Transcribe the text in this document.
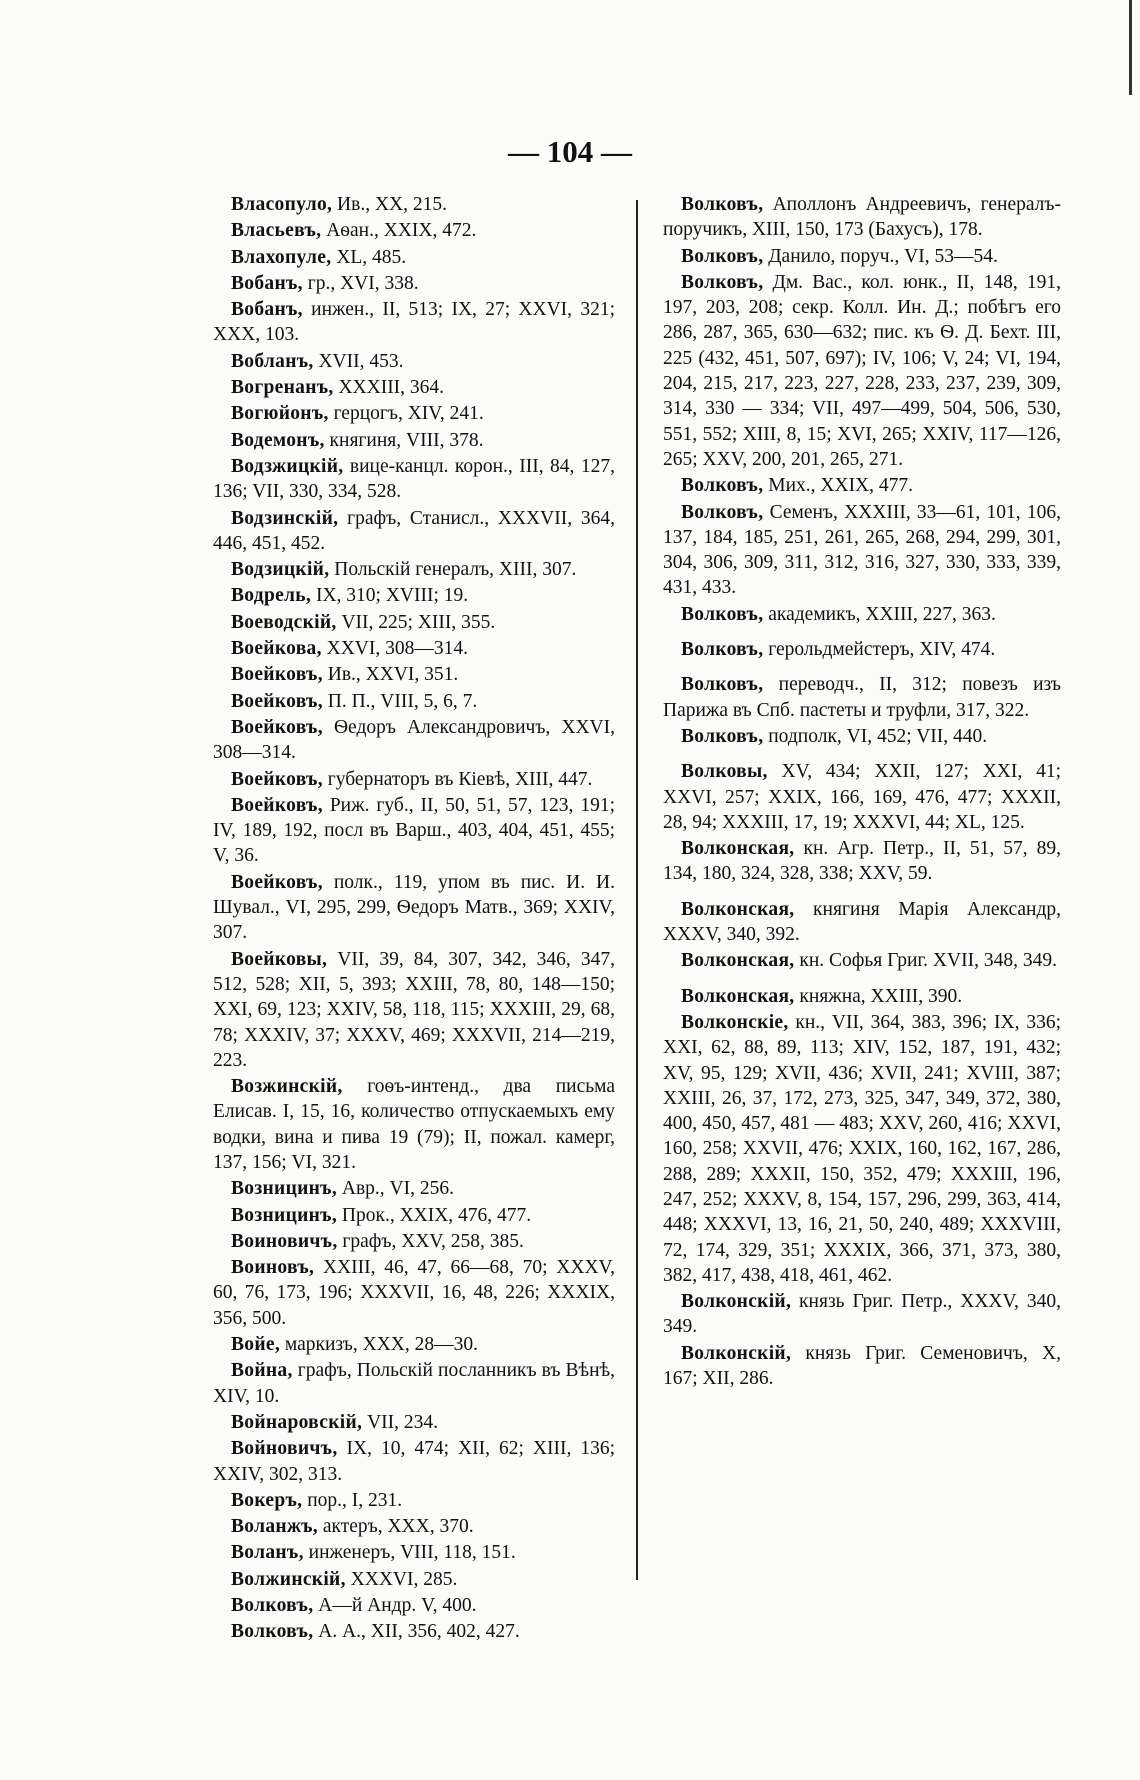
— 104 —

Власопуло, Ив., XX, 215.

Власьевъ, Аѳан., XXIX, 472.

Влахопуле, XL, 485.

Вобанъ, гр., XVI, 338.

Вобанъ, инжен., II, 513; IX, 27; XXVI, 321; XXX, 103.

Вобланъ, XVII, 453.

Вогренанъ, XXXIII, 364.

Вогюйонъ, герцогъ, XIV, 241.

Водемонъ, княгиня, VIII, 378.

Водзжицкій, вице-канцл. корон., III, 84, 127, 136; VII, 330, 334, 528.

Водзинскій, графъ, Станисл., XXXVII, 364, 446, 451, 452.

Водзицкій, Польскій генералъ, XIII, 307.

Водрель, IX, 310; XVIII; 19.

Воеводскій, VII, 225; XIII, 355.

Воейкова, XXVI, 308—314.

Воейковъ, Ив., XXVI, 351.

Воейковъ, П. П., VIII, 5, 6, 7.

Воейковъ, Ѳедоръ Александровичъ, XXVI, 308—314.

Воейковъ, губернаторъ въ Кіевѣ, XIII, 447.

Воейковъ, Риж. губ., II, 50, 51, 57, 123, 191; IV, 189, 192, посл въ Варш., 403, 404, 451, 455; V, 36.

Воейковъ, полк., 119, упом въ пис. И. И. Шувал., VI, 295, 299, Ѳедоръ Матв., 369; XXIV, 307.

Воейковы, VII, 39, 84, 307, 342, 346, 347, 512, 528; XII, 5, 393; XXIII, 78, 80, 148—150; XXI, 69, 123; XXIV, 58, 118, 115; XXXIII, 29, 68, 78; XXXIV, 37; XXXV, 469; XXXVII, 214—219, 223.

Возжинскій, гоѳъ-интенд., два письма Елисав. I, 15, 16, количество отпускаемыхъ ему водки, вина и пива 19 (79); II, пожал. камерг, 137, 156; VI, 321.

Возницинъ, Авр., VI, 256.

Возницинъ, Прок., XXIX, 476, 477.

Воиновичъ, графъ, XXV, 258, 385.

Воиновъ, XXIII, 46, 47, 66—68, 70; XXXV, 60, 76, 173, 196; XXXVII, 16, 48, 226; XXXIX, 356, 500.

Войе, маркизъ, XXX, 28—30.

Война, графъ, Польскій посланникъ въ Вѣнѣ, XIV, 10.

Войнаровскій, VII, 234.

Войновичъ, IX, 10, 474; XII, 62; XIII, 136; XXIV, 302, 313.

Вокеръ, пор., I, 231.

Воланжъ, актеръ, XXX, 370.

Воланъ, инженеръ, VIII, 118, 151.

Волжинскій, XXXVI, 285.

Волковъ, А—й Андр. V, 400.

Волковъ, А. А., XII, 356, 402, 427.

Волковъ, Аполлонъ Андреевичъ, генералъ-поручикъ, XIII, 150, 173 (Бахусъ), 178.

Волковъ, Данило, поруч., VI, 53—54.

Волковъ, Дм. Вас., кол. юнк., II, 148, 191, 197, 203, 208; секр. Колл. Ин. Д.; побѣгъ его 286, 287, 365, 630—632; пис. къ Ѳ. Д. Бехт. III, 225 (432, 451, 507, 697); IV, 106; V, 24; VI, 194, 204, 215, 217, 223, 227, 228, 233, 237, 239, 309, 314, 330 — 334; VII, 497—499, 504, 506, 530, 551, 552; XIII, 8, 15; XVI, 265; XXIV, 117—126, 265; XXV, 200, 201, 265, 271.

Волковъ, Мих., XXIX, 477.

Волковъ, Семенъ, XXXIII, 33—61, 101, 106, 137, 184, 185, 251, 261, 265, 268, 294, 299, 301, 304, 306, 309, 311, 312, 316, 327, 330, 333, 339, 431, 433.

Волковъ, академикъ, XXIII, 227, 363.

Волковъ, герольдмейстеръ, XIV, 474.

Волковъ, переводч., II, 312; повезъ изъ Парижа въ Спб. пастеты и труфли, 317, 322.

Волковъ, подполк, VI, 452; VII, 440.

Волковы, XV, 434; XXII, 127; XXI, 41; XXVI, 257; XXIX, 166, 169, 476, 477; XXXII, 28, 94; XXXIII, 17, 19; XXXVI, 44; XL, 125.

Волконская, кн. Агр. Петр., II, 51, 57, 89, 134, 180, 324, 328, 338; XXV, 59.

Волконская, княгиня Марія Александр, XXXV, 340, 392.

Волконская, кн. Софья Григ. XVII, 348, 349.

Волконская, княжна, XXIII, 390.

Волконскіе, кн., VII, 364, 383, 396; IX, 336; XXI, 62, 88, 89, 113; XIV, 152, 187, 191, 432; XV, 95, 129; XVII, 436; XVII, 241; XVIII, 387; XXIII, 26, 37, 172, 273, 325, 347, 349, 372, 380, 400, 450, 457, 481 — 483; XXV, 260, 416; XXVI, 160, 258; XXVII, 476; XXIX, 160, 162, 167, 286, 288, 289; XXXII, 150, 352, 479; XXXIII, 196, 247, 252; XXXV, 8, 154, 157, 296, 299, 363, 414, 448; XXXVI, 13, 16, 21, 50, 240, 489; XXXVIII, 72, 174, 329, 351; XXXIX, 366, 371, 373, 380, 382, 417, 438, 418, 461, 462.

Волконскій, князь Григ. Петр., XXXV, 340, 349.

Волконскій, князь Григ. Семеновичъ, X, 167; XII, 286.
